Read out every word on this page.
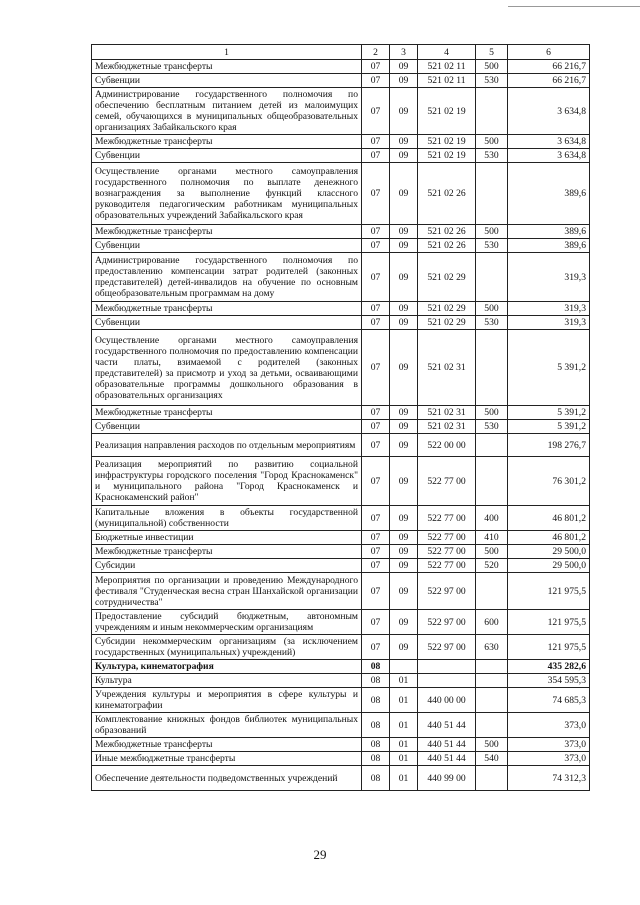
1	2	3	4	5	6
Межбюджетные трансферты	07	09	521 02 11	500	66 216,7
Субвенции	07	09	521 02 11	530	66 216,7
Администрирование государственного полномочия по обеспечению бесплатным питанием детей из малоимущих семей, обучающихся в муниципальных общеобразовательных организациях Забайкальского края	07	09	521 02 19		3 634,8
Межбюджетные трансферты	07	09	521 02 19	500	3 634,8
Субвенции	07	09	521 02 19	530	3 634,8
Осуществление органами местного самоуправления государственного полномочия по выплате денежного вознаграждения за выполнение функций классного руководителя педагогическим работникам муниципальных образовательных учреждений Забайкальского края	07	09	521 02 26		389,6
Межбюджетные трансферты	07	09	521 02 26	500	389,6
Субвенции	07	09	521 02 26	530	389,6
Администрирование государственного полномочия по предоставлению компенсации затрат родителей (законных представителей) детей-инвалидов на обучение по основным общеобразовательным программам на дому	07	09	521 02 29		319,3
Межбюджетные трансферты	07	09	521 02 29	500	319,3
Субвенции	07	09	521 02 29	530	319,3
Осуществление органами местного самоуправления государственного полномочия по предоставлению компенсации части платы, взимаемой с родителей (законных представителей) за присмотр и уход за детьми, осваивающими образовательные программы дошкольного образования в образовательных организациях	07	09	521 02 31		5 391,2
Межбюджетные трансферты	07	09	521 02 31	500	5 391,2
Субвенции	07	09	521 02 31	530	5 391,2
Реализация направления расходов по отдельным мероприятиям	07	09	522 00 00		198 276,7
Реализация мероприятий по развитию социальной инфраструктуры городского поселения "Город Краснокаменск" и муниципального района "Город Краснокаменск и Краснокаменский район"	07	09	522 77 00		76 301,2
Капитальные вложения в объекты государственной (муниципальной) собственности	07	09	522 77 00	400	46 801,2
Бюджетные инвестиции	07	09	522 77 00	410	46 801,2
Межбюджетные трансферты	07	09	522 77 00	500	29 500,0
Субсидии	07	09	522 77 00	520	29 500,0
Мероприятия по организации и проведению Международного фестиваля "Студенческая весна стран Шанхайской организации сотрудничества"	07	09	522 97 00		121 975,5
Предоставление субсидий бюджетным, автономным учреждениям и иным некоммерческим организациям	07	09	522 97 00	600	121 975,5
Субсидии некоммерческим организациям (за исключением государственных (муниципальных) учреждений)	07	09	522 97 00	630	121 975,5
Культура, кинематография	08				435 282,6
Культура	08	01			354 595,3
Учреждения культуры и мероприятия в сфере культуры и кинематографии	08	01	440 00 00		74 685,3
Комплектование книжных фондов библиотек муниципальных образований	08	01	440 51 44		373,0
Межбюджетные трансферты	08	01	440 51 44	500	373,0
Иные межбюджетные трансферты	08	01	440 51 44	540	373,0
Обеспечение деятельности подведомственных учреждений	08	01	440 99 00		74 312,3
29
